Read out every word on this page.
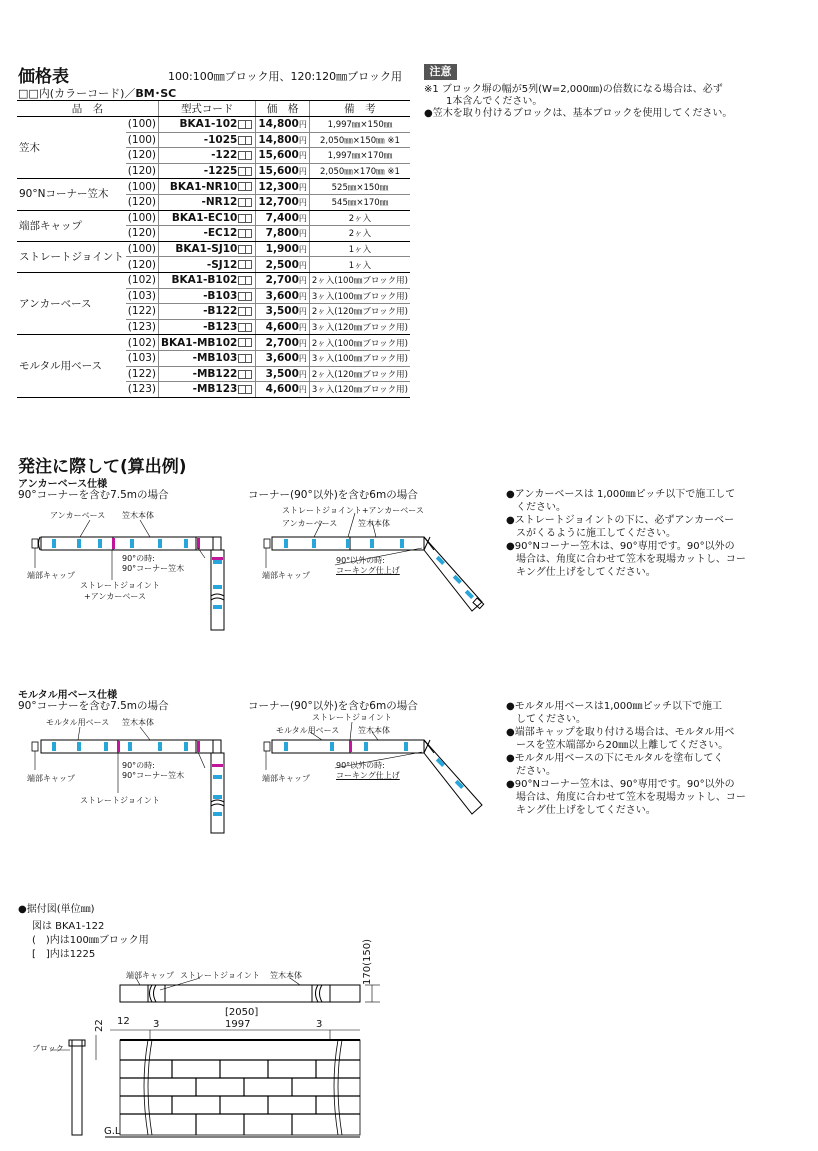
価格表	100:100㎜ブロック用、120:120㎜ブロック用
□□内(カラーコード)／BM･SC
品　名		型式コード	価　格	備　考
笠木	(100)	BKA1-102	14,800円	1,997㎜×150㎜
	(100)	-1025	14,800円	2,050㎜×150㎜ ※1
	(120)	-122	15,600円	1,997㎜×170㎜
	(120)	-1225	15,600円	2,050㎜×170㎜ ※1
90°Nコーナー笠木	(100)	BKA1-NR10	12,300円	525㎜×150㎜
	(120)	-NR12	12,700円	545㎜×170㎜
端部キャップ	(100)	BKA1-EC10	7,400円	2ヶ入
	(120)	-EC12	7,800円	2ヶ入
ストレートジョイント	(100)	BKA1-SJ10	1,900円	1ヶ入
	(120)	-SJ12	2,500円	1ヶ入
アンカーベース	(102)	BKA1-B102	2,700円	2ヶ入(100㎜ブロック用)
	(103)	-B103	3,600円	3ヶ入(100㎜ブロック用)
	(122)	-B122	3,500円	2ヶ入(120㎜ブロック用)
	(123)	-B123	4,600円	3ヶ入(120㎜ブロック用)
モルタル用ベース	(102)	BKA1-MB102	2,700円	2ヶ入(100㎜ブロック用)
	(103)	-MB103	3,600円	3ヶ入(100㎜ブロック用)
	(122)	-MB122	3,500円	2ヶ入(120㎜ブロック用)
	(123)	-MB123	4,600円	3ヶ入(120㎜ブロック用)
注意
※1 ブロック塀の幅が5列(W=2,000㎜)の倍数になる場合は、必ず
1本含んでください。
●笠木を取り付けるブロックは、基本ブロックを使用してください。
発注に際して(算出例)
アンカーベース仕様
90°コーナーを含む7.5mの場合	コーナー(90°以外)を含む6mの場合
アンカーベース 笠木本体
90°の時:
90°コーナー笠木
端部キャップ
ストレートジョイント
+アンカーベース
ストレートジョイント+アンカーベース
アンカーベース	笠木本体
90°以外の時:
コーキング仕上げ
端部キャップ
●アンカーベースは 1,000㎜ピッチ以下で施工して
　ください。
●ストレートジョイントの下に、必ずアンカーベー
　スがくるように施工してください。
●90°Nコーナー笠木は、90°専用です。90°以外の
　場合は、角度に合わせて笠木を現場カットし、コー
　キング仕上げをしてください。
モルタル用ベース仕様
90°コーナーを含む7.5mの場合	コーナー(90°以外)を含む6mの場合
モルタル用ベース 笠木本体
90°の時:
90°コーナー笠木
端部キャップ
ストレートジョイント
ストレートジョイント
モルタル用ベース 笠木本体
90°以外の時:
コーキング仕上げ
端部キャップ
●モルタル用ベースは1,000㎜ピッチ以下で施工
　してください。
●端部キャップを取り付ける場合は、モルタル用ベ
　ースを笠木端部から20㎜以上離してください。
●モルタル用ベースの下にモルタルを塗布してく
　ださい。
●90°Nコーナー笠木は、90°専用です。90°以外の
　場合は、角度に合わせて笠木を現場カットし、コー
　キング仕上げをしてください。
●据付図(単位㎜)
図は BKA1-122
(　)内は100㎜ブロック用
[　]内は1225
端部キャップ ストレートジョイント 笠木本体	170(150)
[2050]
1997
3	3
12
22
ブロック
G.L
